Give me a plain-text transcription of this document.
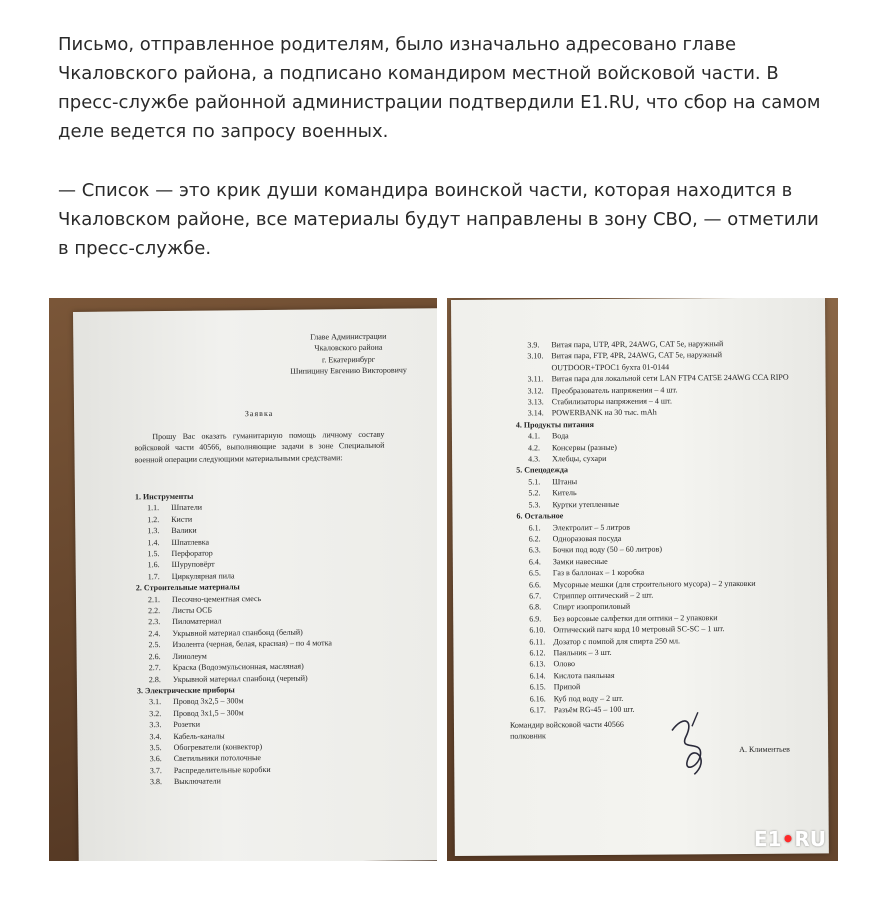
Письмо, отправленное родителям, было изначально адресовано главе Чкаловского района, а подписано командиром местной войсковой части. В пресс-службе районной администрации подтвердили E1.RU, что сбор на самом деле ведется по запросу военных.

— Список — это крик души командира воинской части, которая находится в Чкаловском районе, все материалы будут направлены в зону СВО, — отметили в пресс-службе.

Главе Администрации
Чкаловского района
г. Екатеринбург
Шипицину Евгению Викторовичу
Заявка
Прошу Вас оказать гуманитарную помощь личному составу войсковой части 40566, выполняющие задачи в зоне Специальной военной операции следующими материальными средствами:
1. Инструменты
1.1. Шпатели
1.2. Кисти
1.3. Валики
1.4. Шпатлевка
1.5. Перфоратор
1.6. Шуруповёрт
1.7. Циркулярная пила
2. Строительные материалы
2.1. Песочно-цементная смесь
2.2. Листы ОСБ
2.3. Пиломатериал
2.4. Укрывной материал спанбонд (белый)
2.5. Изолента (черная, белая, красная) – по 4 мотка
2.6. Линолеум
2.7. Краска (Водоэмульсионная, масляная)
2.8. Укрывной материал спанбонд (черный)
3. Электрические приборы
3.1. Провод 3х2,5 – 300м
3.2. Провод 3х1,5 – 300м
3.3. Розетки
3.4. Кабель-каналы
3.5. Обогреватели (конвектор)
3.6. Светильники потолочные
3.7. Распределительные коробки
3.8. Выключатели
3.9. Витая пара, UTP, 4PR, 24AWG, CAT 5e, наружный
3.10. Витая пара, FTP, 4PR, 24AWG, CAT 5e, наружный
OUTDOOR+ТРОС1 бухта 01-0144
3.11. Витая пара для локальной сети LAN FTP4 CAT5E 24AWG CCA RIPO
3.12. Преобразователь напряжения – 4 шт.
3.13. Стабилизаторы напряжения – 4 шт.
3.14. POWERBANK на 30 тыс. mAh
4. Продукты питания
4.1. Вода
4.2. Консервы (разные)
4.3. Хлебцы, сухари
5. Спецодежда
5.1. Штаны
5.2. Китель
5.3. Куртки утепленные
6. Остальное
6.1. Электролит – 5 литров
6.2. Одноразовая посуда
6.3. Бочки под воду (50 – 60 литров)
6.4. Замки навесные
6.5. Газ в баллонах – 1 коробка
6.6. Мусорные мешки (для строительного мусора) – 2 упаковки
6.7. Стриппер оптический – 2 шт.
6.8. Спирт изопропиловый
6.9. Без ворсовые салфетки для оптики – 2 упаковки
6.10. Оптический патч корд 10 метровый SC-SC – 1 шт.
6.11. Дозатор с помпой для спирта 250 мл.
6.12. Паяльник – 3 шт.
6.13. Олово
6.14. Кислота паяльная
6.15. Припой
6.16. Куб под воду – 2 шт.
6.17. Разъём RG-45 – 100 шт.
Командир войсковой части 40566
полковник
А. Климентьев
E1•RU
